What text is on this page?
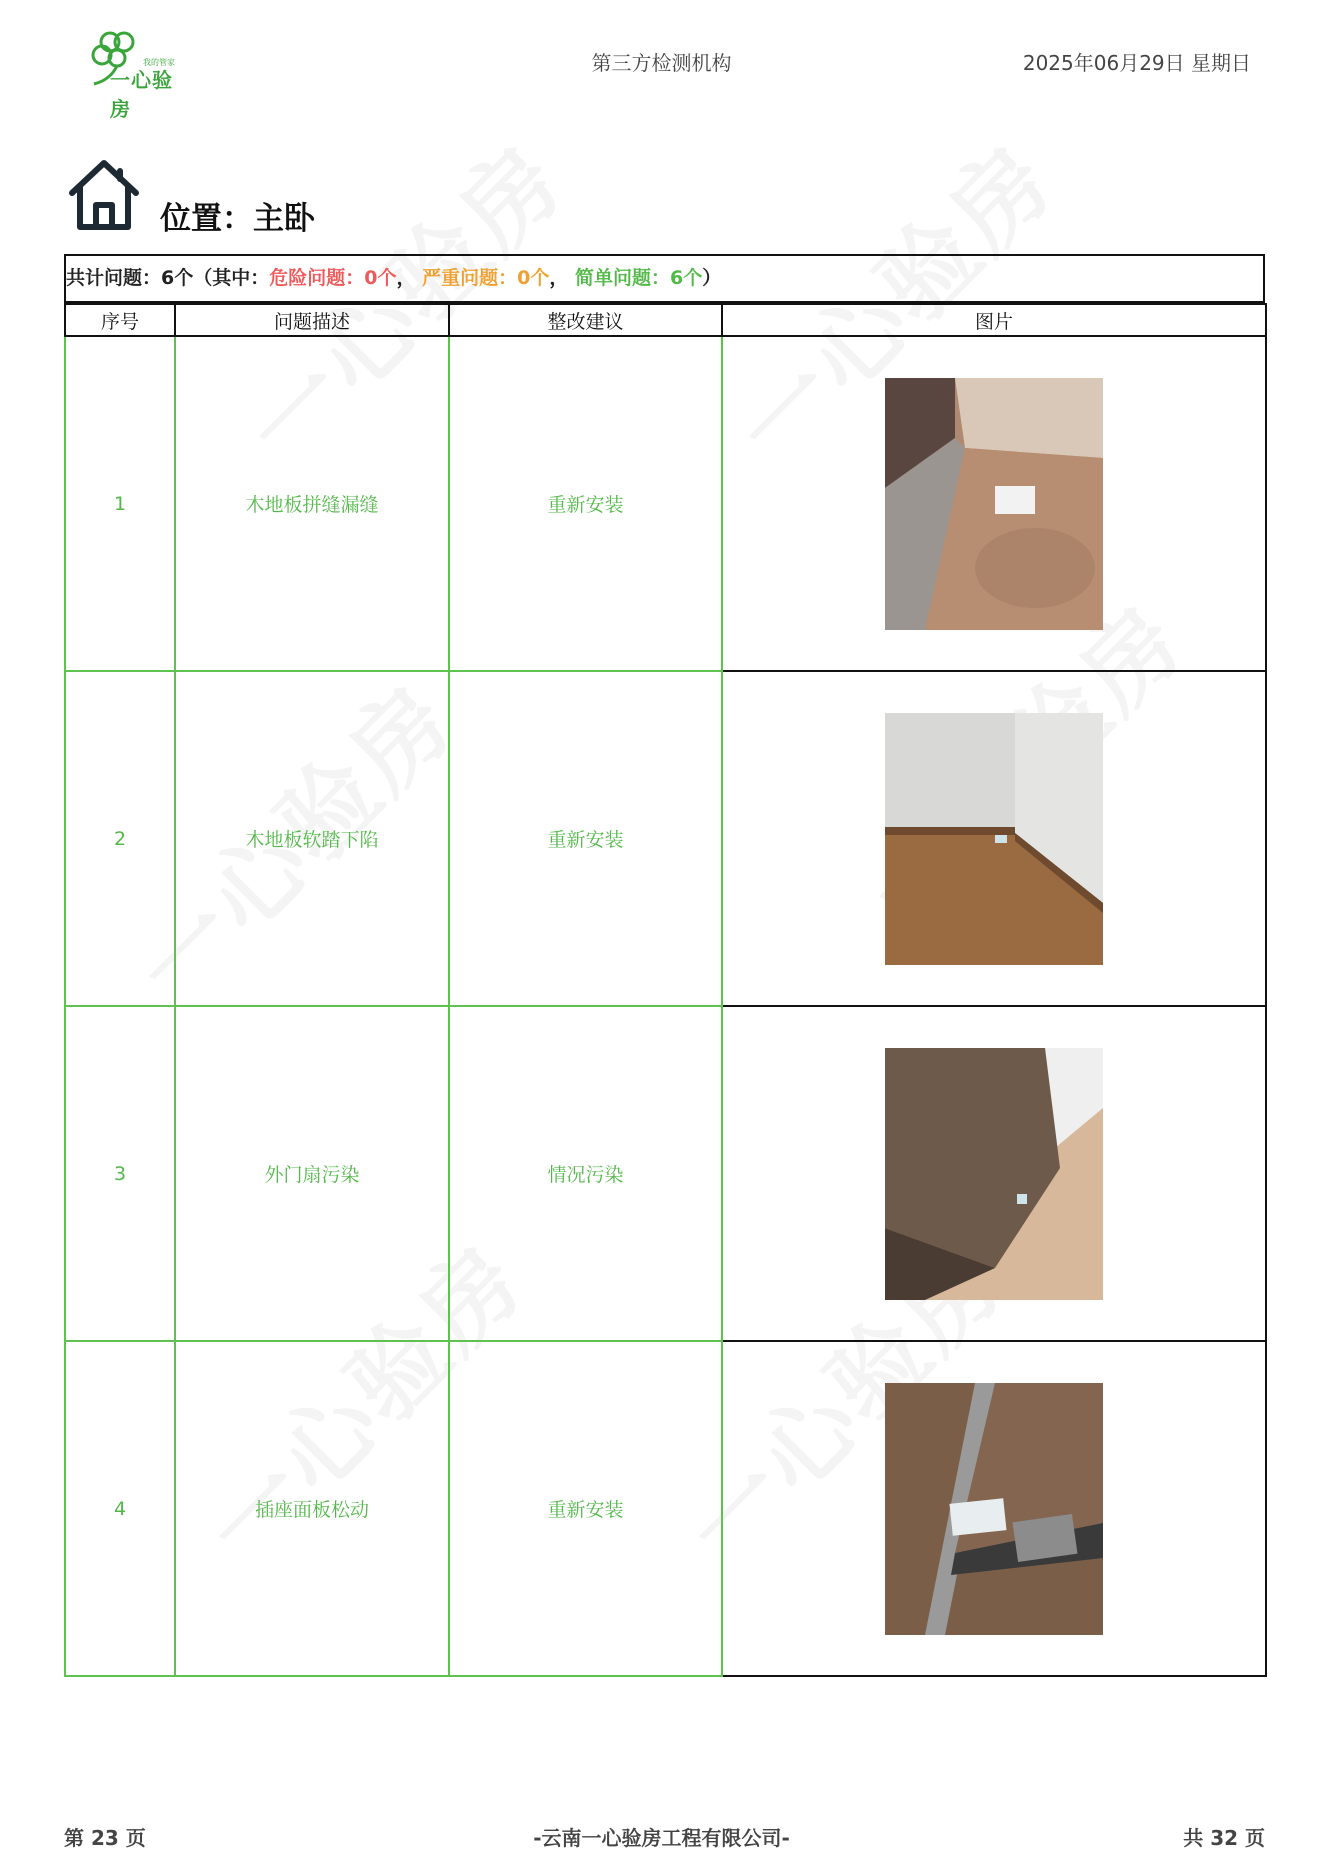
我的管家
一心验房
第三方检测机构	2025年06月29日 星期日
位置：主卧
共计问题：6个（其中：危险问题：0个， 严重问题：0个， 简单问题：6个）
序号	问题描述	整改建议	图片
1	木地板拼缝漏缝	重新安装	

2	木地板软踏下陷	重新安装	

3	外门扇污染	情况污染	

4	插座面板松动	重新安装	
第 23 页	-云南一心验房工程有限公司-	共 32 页
